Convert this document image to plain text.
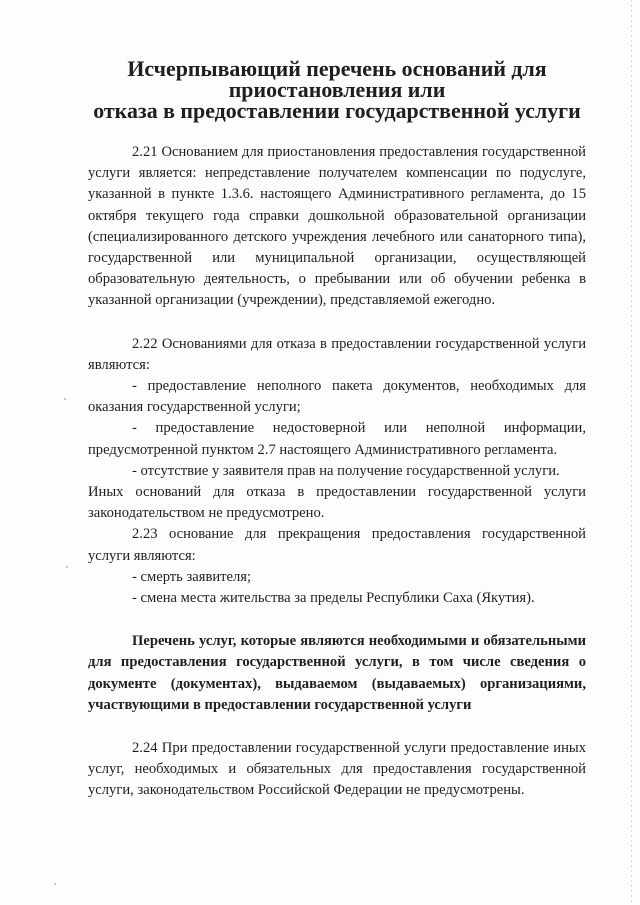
Исчерпывающий перечень оснований для приостановления или
отказа в предоставлении государственной услуги

2.21 Основанием для приостановления предоставления государственной услуги является: непредставление получателем компенсации по подуслуге, указанной в пункте 1.3.6. настоящего Административного регламента, до 15 октября текущего года справки дошкольной образовательной организации (специализированного детского учреждения лечебного или санаторного типа), государственной или муниципальной организации, осуществляющей образовательную деятельность, о пребывании или об обучении ребенка в указанной организации (учреждении), представляемой ежегодно.

2.22 Основаниями для отказа в предоставлении государственной услуги являются:

- предоставление неполного пакета документов, необходимых для оказания государственной услуги;

- предоставление недостоверной или неполной информации, предусмотренной пунктом 2.7 настоящего Административного регламента.

- отсутствие у заявителя прав на получение государственной услуги.

Иных оснований для отказа в предоставлении государственной услуги законодательством не предусмотрено.

2.23 основание для прекращения предоставления государственной услуги являются:

- смерть заявителя;

- смена места жительства за пределы Республики Саха (Якутия).

Перечень услуг, которые являются необходимыми и обязательными для предоставления государственной услуги, в том числе сведения о документе (документах), выдаваемом (выдаваемых) организациями, участвующими в предоставлении государственной услуги

2.24 При предоставлении государственной услуги предоставление иных услуг, необходимых и обязательных для предоставления государственной услуги, законодательством Российской Федерации не предусмотрены.
